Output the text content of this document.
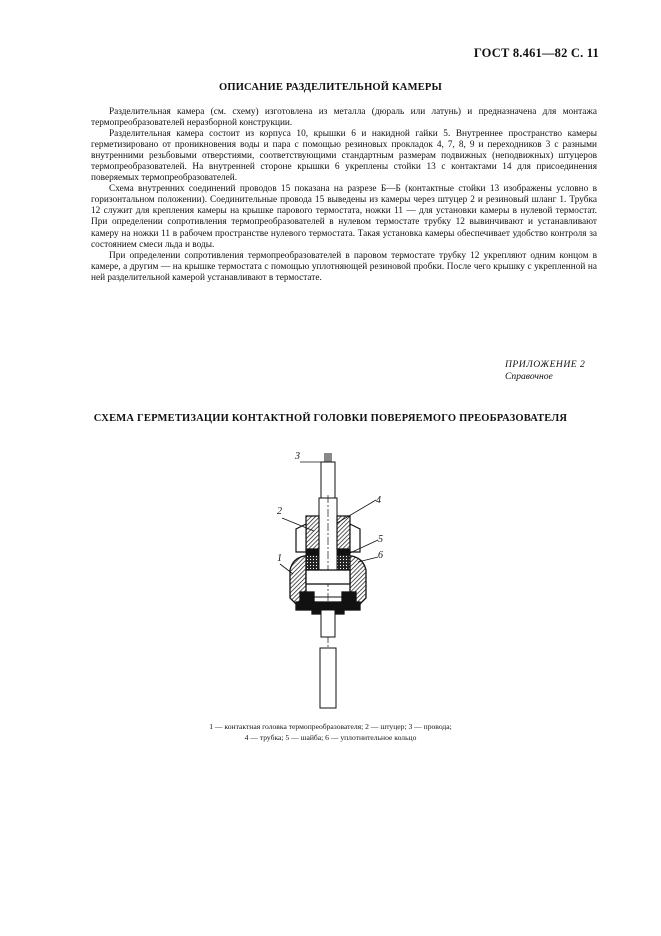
ГОСТ 8.461—82 С. 11
ОПИСАНИЕ РАЗДЕЛИТЕЛЬНОЙ КАМЕРЫ

Разделительная камера (см. схему) изготовлена из металла (дюраль или латунь) и предназначена для монтажа термопреобразователей неразборной конструкции.

Разделительная камера состоит из корпуса 10, крышки 6 и накидной гайки 5. Внутреннее пространство камеры герметизировано от проникновения воды и пара с помощью резиновых прокладок 4, 7, 8, 9 и переходников 3 с разными внутренними резьбовыми отверстиями, соответствующими стандартным размерам подвижных (неподвижных) штуцеров термопреобразователей. На внутренней стороне крышки 6 укреплены стойки 13 с контактами 14 для присоединения поверяемых термопреобразователей.

Схема внутренних соединений проводов 15 показана на разрезе Б—Б (контактные стойки 13 изображены условно в горизонтальном положении). Соединительные провода 15 выведены из камеры через штуцер 2 и резиновый шланг 1. Трубка 12 служит для крепления камеры на крышке парового термостата, ножки 11 — для установки камеры в нулевой термостат. При определении сопротивления термопреобразователей в нулевом термостате трубку 12 вывинчивают и устанавливают камеру на ножки 11 в рабочем пространстве нулевого термостата. Такая установка камеры обеспечивает удобство контроля за состоянием смеси льда и воды.

При определении сопротивления термопреобразователей в паровом термостате трубку 12 укрепляют одним концом в камере, а другим — на крышке термостата с помощью уплотняющей резиновой пробки. После чего крышку с укрепленной на ней разделительной камерой устанавливают в термостате.

ПРИЛОЖЕНИЕ 2
Справочное
СХЕМА ГЕРМЕТИЗАЦИИ КОНТАКТНОЙ ГОЛОВКИ ПОВЕРЯЕМОГО ПРЕОБРАЗОВАТЕЛЯ
3
2
4
5
6
1
1 — контактная головка термопреобразователя; 2 — штуцер; 3 — провода;
4 — трубка; 5 — шайба; 6 — уплотнительное кольцо
